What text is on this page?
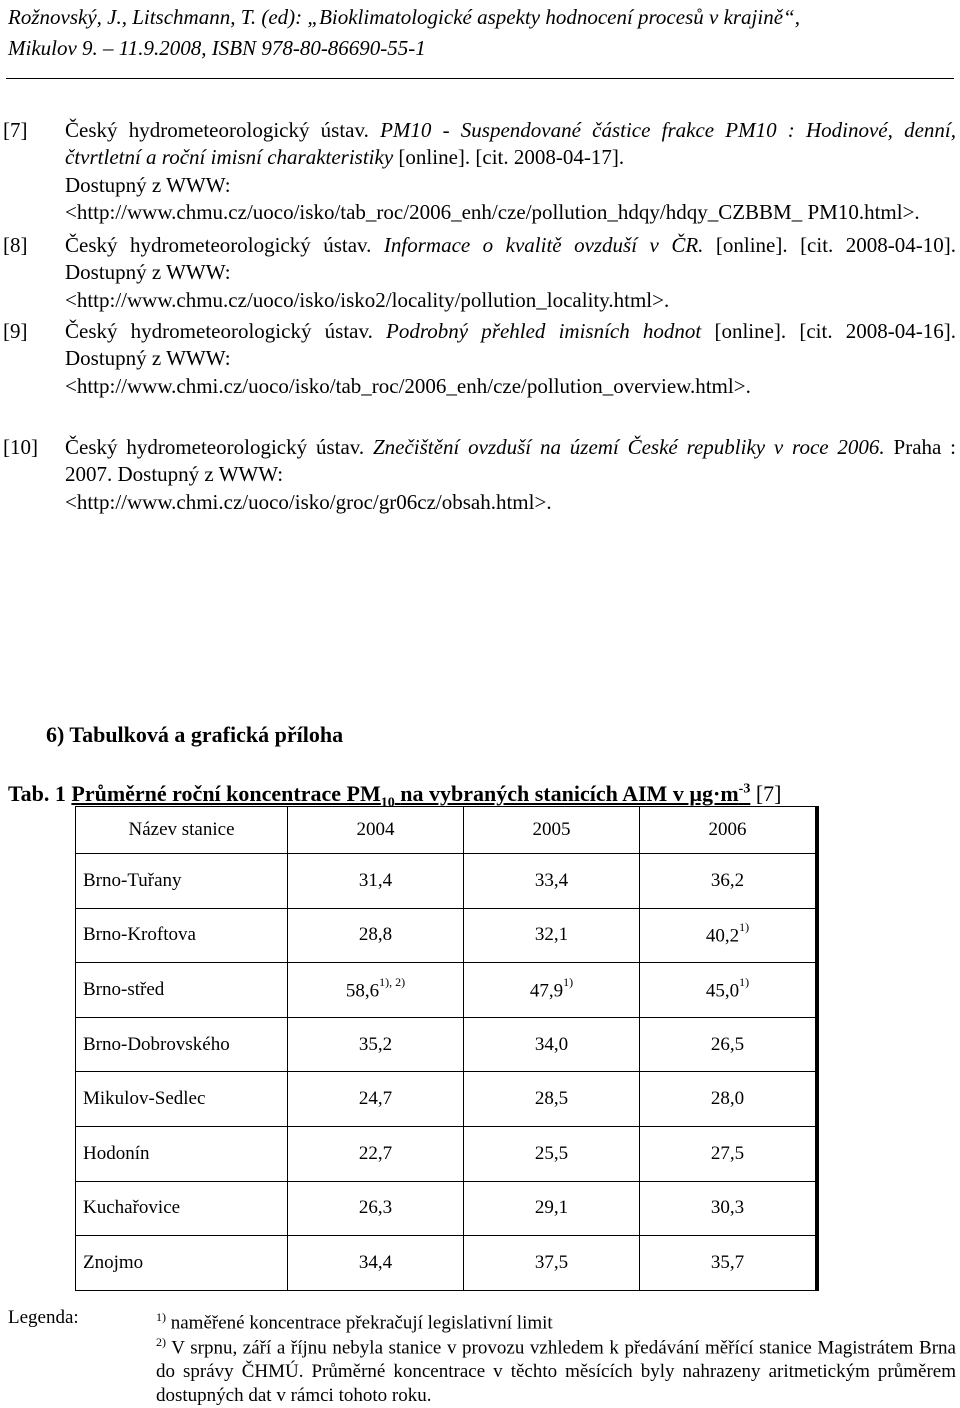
Rožnovský, J., Litschmann, T. (ed): „Bioklimatologické aspekty hodnocení procesů v krajině“,
Mikulov 9. – 11.9.2008, ISBN 978-80-86690-55-1
[7] Český hydrometeorologický ústav. PM10 - Suspendované částice frakce PM10 : Hodinové, denní, čtvrtletní a roční imisní charakteristiky [online]. [cit. 2008-04-17].
Dostupný z WWW:
<http://www.chmu.cz/uoco/isko/tab_roc/2006_enh/cze/pollution_hdqy/hdqy_CZBBM_ PM10.html>.
[8] Český hydrometeorologický ústav. Informace o kvalitě ovzduší v ČR. [online]. [cit. 2008-04-10]. Dostupný z WWW:
<http://www.chmu.cz/uoco/isko/isko2/locality/pollution_locality.html>.
[9] Český hydrometeorologický ústav. Podrobný přehled imisních hodnot [online]. [cit. 2008-04-16]. Dostupný z WWW:
<http://www.chmi.cz/uoco/isko/tab_roc/2006_enh/cze/pollution_overview.html>.
[10] Český hydrometeorologický ústav. Znečištění ovzduší na území České republiky v roce 2006. Praha : 2007. Dostupný z WWW:
<http://www.chmi.cz/uoco/isko/groc/gr06cz/obsah.html>.
6) Tabulková a grafická příloha
Tab. 1 Průměrné roční koncentrace $PM_{10}$ na vybraných stanicích AIM v $\mu g\cdot m^{-3}$ [7]
Název stanice	2004	2005	2006
Brno-Tuřany	31,4	33,4	36,2
Brno-Kroftova	28,8	32,1	40,2$^{1)}$
Brno-střed	$58,6^{1), 2)}$	47,9$^{1)}$	45,0$^{1)}$
Brno-Dobrovského	35,2	34,0	26,5
Mikulov-Sedlec	24,7	28,5	28,0
Hodonín	22,7	25,5	27,5
Kuchařovice	26,3	29,1	30,3
Znojmo	34,4	37,5	35,7
Legenda:	$^{1)}$ naměřené koncentrace překračují legislativní limit
$^{2)}$ V srpnu, září a říjnu nebyla stanice v provozu vzhledem k předávání měřící stanice Magistrátem Brna do správy ČHMÚ. Průměrné koncentrace v těchto měsících byly nahrazeny aritmetickým průměrem dostupných dat v rámci tohoto roku.
